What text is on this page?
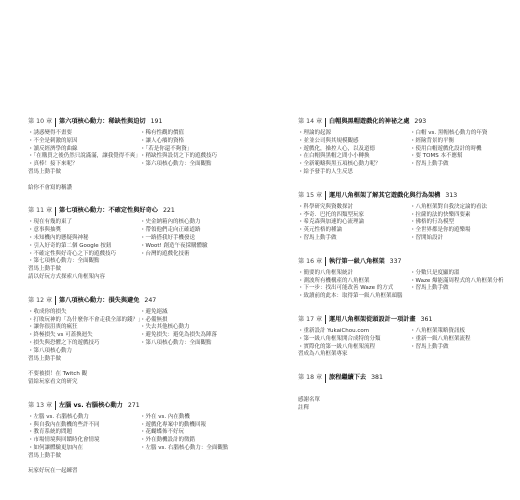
第 10 章 第六項核心動力：稀缺性與迫切 191
・ 誘惑變得不畫要
・ 不全是刺激的原因
・ 讀反經濟學的曲線
・ 「在購買之後仍然只說滿滿，讓我覺得不爽」
・ 真棒！接下來呢？
・ 稀有性觀的價值
・ 讓人心癢的資格
・ 「若是你還不夠資」
・ 稍缺性與設切之下的遊戲技巧
・ 第六項核心動力：全面觀點
習馬上動手做
給你不會寫的稱讚
第 11 章 第七項核心動力：不確定性與好奇心 221
・ 現在有幾的東了
・ 意事與抽獎
・ 未知機內的懸疑與神秘
・ 引入好奇的第二個 Google 按鈕
・ 不確定性與好奇心之下的遊戲技巧
・ 第七項核心動力：全面觀點
・ 史金納箱內的核心動力
・ 帶領他們走向正確道路
・ 一路搭我好手機發送
・ Woot! 創造午夜採購體驗
・ 台灣的遊戲化技術
習馬上動手做
請以好玩方式探索八角框架內容
第 12 章 第八項核心動力：損失與避免 247
・ 收成你的損失
・ 打敗玩神的「為什麼你不會走我全部的錢？」
・ 讓你很沮喪的瘋狂
・ 終極損失 vs 可蓋換迴失
・ 損失與恐懼之下的遊戲技巧
・ 第八項核心動力
・ 避免絕滅
・ 必備無損
・ 失去其他核心動力
・ 避免損失：避免為損失為陣落
・ 第八項核心動力：全面觀點
習馬上動手做
不要被損！在 Twitch 觀
留給玩家看文的研究
第 13 章 左腦 vs. 右腦核心動力 271
・ 左腦 vs. 右腦核心動力
・ 與自我內在動機的些許不同
・ 教育系統的問題
・ 市場情境與回饋時化會情境
・ 如何讓體驗更加內在
・ 外在 vs. 內在動機
・ 遊戲化專案中的動機回報
・ 花蝴蝶佈不好玩
・ 外在動機設計的徵錯
・ 左腦 vs. 右腦核心動力：全面觀點
習馬上動手做
玩家好玩在一起練習
第 14 章 白帽與黑帽遊戲化的神祕之處 293
・ 理論的起源
・ 並並公司與其規模觀感
・ 遊戲化，操控人心，以及道德
・ 在白帽與黑帽之間小小轉換
・ 全新範疇與黑五項核心動力呢？
・ 給予發手的人生反思
・ 白帽 vs. 黑帽核心動力的年資
・ 經險背景的平衡
・ 使用白帽遊戲化設計的時機
・ 要 TOMS 本不應幫
・ 習馬上動手做
第 15 章 運用八角框架了解其它遊戲化與行為架構 313
・ 科學研究與資數探討
・ 李奇．巴托的四類型玩家
・ 希克森與加速的心流理論
・ 英元性格的種論
・ 習馬上動手做
・ 八角框架對自我決定論的看法
・ 拉薩的法的快樂四要素
・ 佛格的行為模型
・ 全世界都是你的遊樂場
・ 習開始設計
第 16 章 執行第一級八角框架 337
・ 簡要的八角框架統計
・ 測波所有機構產的八角框架
・ 下一步：找出可能改善 Waze 的方式
・ 致讀前的此本：取得第一級八角框架頭腦
・ 分數只是度顯的溫
・ Waze 爆能滿周程式的八角框架分析
・ 習馬上動手做
第 17 章 運用八角框架從頭設計一項計畫 361
・ 重新設計 YukaiChou.com
・ 第一級八角框架開合成特的分類
・ 實際化的第一級八角框架流程
・ 八角框架策略資訊板
・ 重新一級八角框架流程
・ 習馬上動手做
習成為八角框架專家
第 18 章 旅程繼續下去 381
感謝名單
註釋
